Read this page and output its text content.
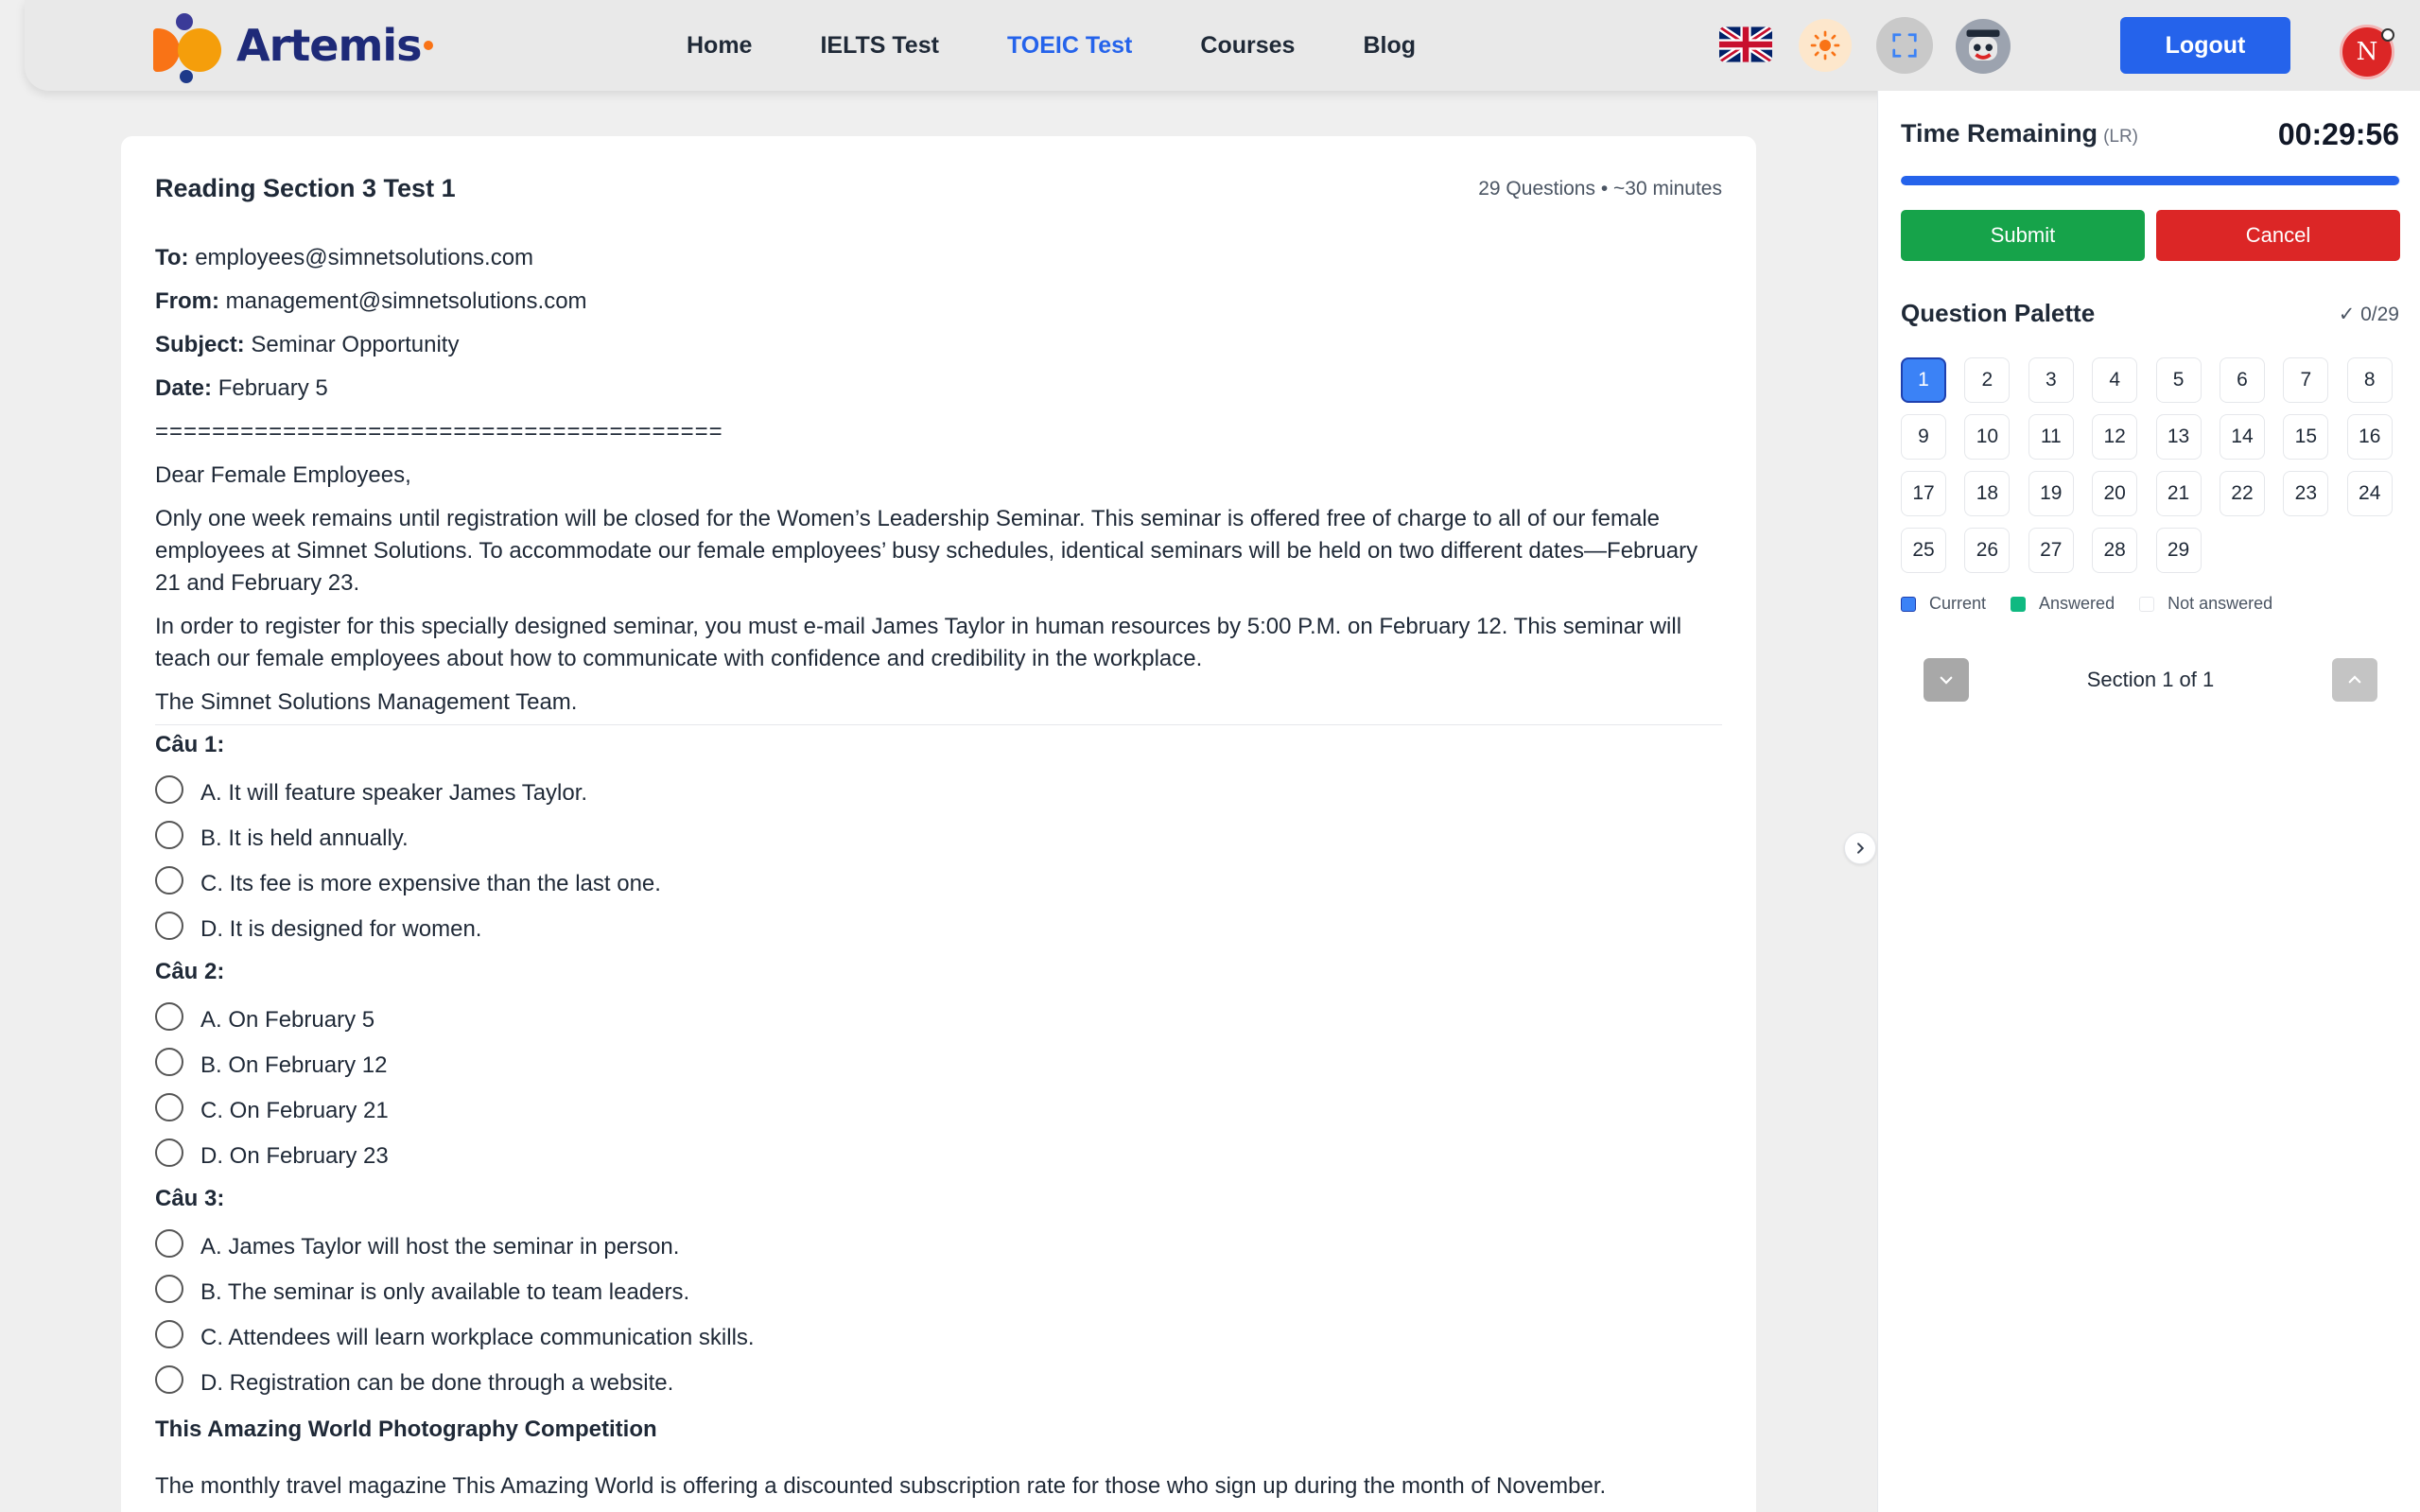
Artemis	Home	IELTS Test	TOEIC Test	Courses	Blog	Logout	N
Reading Section 3 Test 1	29 Questions • ~30 minutes

To: employees@simnetsolutions.com

From: management@simnetsolutions.com

Subject: Seminar Opportunity

Date: February 5

========================================

Dear Female Employees,

Only one week remains until registration will be closed for the Women’s Leadership Seminar. This seminar is offered free of charge to all of our female employees at Simnet Solutions. To accommodate our female employees’ busy schedules, identical seminars will be held on two different dates—February 21 and February 23.

In order to register for this specially designed seminar, you must e-mail James Taylor in human resources by 5:00 P.M. on February 12. This seminar will teach our female employees about how to communicate with confidence and credibility in the workplace.

The Simnet Solutions Management Team.

Câu 1:
A. It will feature speaker James Taylor.
B. It is held annually.
C. Its fee is more expensive than the last one.
D. It is designed for women.
Câu 2:
A. On February 5
B. On February 12
C. On February 21
D. On February 23
Câu 3:
A. James Taylor will host the seminar in person.
B. The seminar is only available to team leaders.
C. Attendees will learn workplace communication skills.
D. Registration can be done through a website.
This Amazing World Photography Competition
The monthly travel magazine This Amazing World is offering a discounted subscription rate for those who sign up during the month of November.
Time Remaining (LR)	00:29:56
Submit	Cancel
Question Palette	✓ 0/29
1	2	3	4	5	6	7	8
9	10	11	12	13	14	15	16
17	18	19	20	21	22	23	24
25	26	27	28	29
Current	Answered	Not answered
Section 1 of 1
